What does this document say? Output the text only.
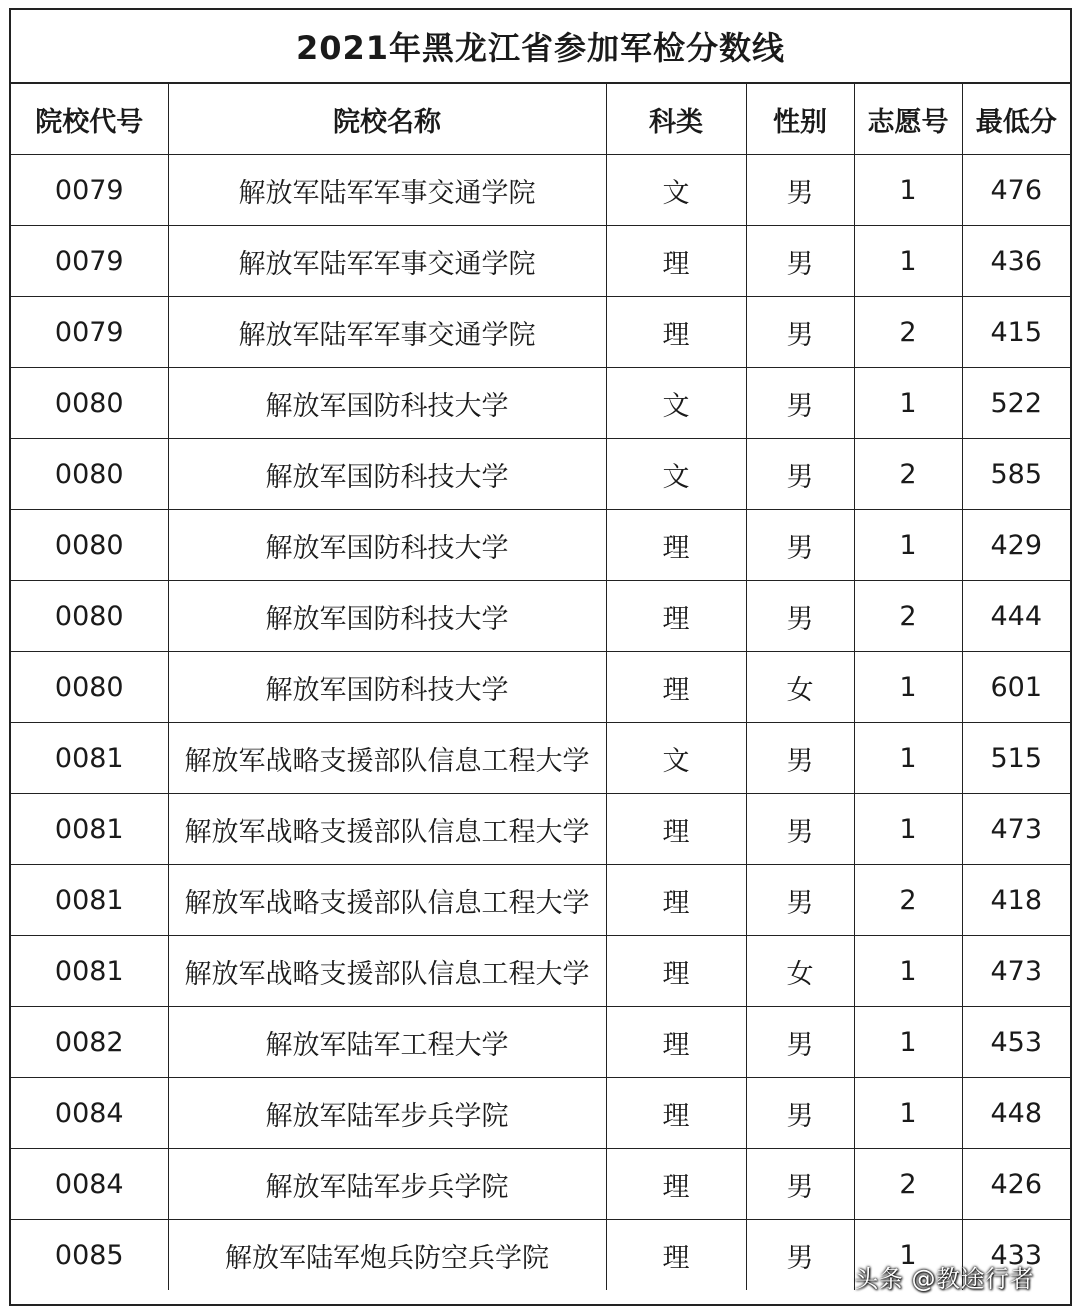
2021年黑龙江省参加军检分数线
院校代号	院校名称	科类	性别	志愿号	最低分
0079	解放军陆军军事交通学院	文	男	1	476
0079	解放军陆军军事交通学院	理	男	1	436
0079	解放军陆军军事交通学院	理	男	2	415
0080	解放军国防科技大学	文	男	1	522
0080	解放军国防科技大学	文	男	2	585
0080	解放军国防科技大学	理	男	1	429
0080	解放军国防科技大学	理	男	2	444
0080	解放军国防科技大学	理	女	1	601
0081	解放军战略支援部队信息工程大学	文	男	1	515
0081	解放军战略支援部队信息工程大学	理	男	1	473
0081	解放军战略支援部队信息工程大学	理	男	2	418
0081	解放军战略支援部队信息工程大学	理	女	1	473
0082	解放军陆军工程大学	理	男	1	453
0084	解放军陆军步兵学院	理	男	1	448
0084	解放军陆军步兵学院	理	男	2	426
0085	解放军陆军炮兵防空兵学院	理	男	1	433
头条 @教途行者
